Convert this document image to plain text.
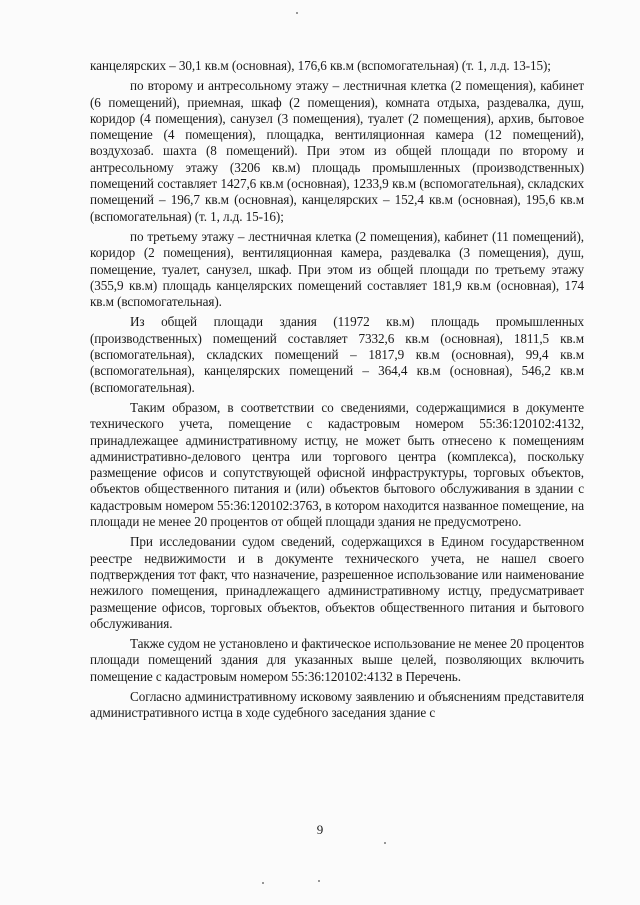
канцелярских – 30,1 кв.м (основная), 176,6 кв.м (вспомогательная) (т. 1, л.д. 13-15);

по второму и антресольному этажу – лестничная клетка (2 помещения), кабинет (6 помещений), приемная, шкаф (2 помещения), комната отдыха, раздевалка, душ, коридор (4 помещения), санузел (3 помещения), туалет (2 помещения), архив, бытовое помещение (4 помещения), площадка, вентиляционная камера (12 помещений), воздухозаб. шахта (8 помещений). При этом из общей площади по второму и антресольному этажу (3206 кв.м) площадь промышленных (производственных) помещений составляет 1427,6 кв.м (основная), 1233,9 кв.м (вспомогательная), складских помещений – 196,7 кв.м (основная), канцелярских – 152,4 кв.м (основная), 195,6 кв.м (вспомогательная) (т. 1, л.д. 15-16);

по третьему этажу – лестничная клетка (2 помещения), кабинет (11 помещений), коридор (2 помещения), вентиляционная камера, раздевалка (3 помещения), душ, помещение, туалет, санузел, шкаф. При этом из общей площади по третьему этажу (355,9 кв.м) площадь канцелярских помещений составляет 181,9 кв.м (основная), 174 кв.м (вспомогательная).

Из общей площади здания (11972 кв.м) площадь промышленных (производственных) помещений составляет 7332,6 кв.м (основная), 1811,5 кв.м (вспомогательная), складских помещений – 1817,9 кв.м (основная), 99,4 кв.м (вспомогательная), канцелярских помещений – 364,4 кв.м (основная), 546,2 кв.м (вспомогательная).

Таким образом, в соответствии со сведениями, содержащимися в документе технического учета, помещение с кадастровым номером 55:36:120102:4132, принадлежащее административному истцу, не может быть отнесено к помещениям административно-делового центра или торгового центра (комплекса), поскольку размещение офисов и сопутствующей офисной инфраструктуры, торговых объектов, объектов общественного питания и (или) объектов бытового обслуживания в здании с кадастровым номером 55:36:120102:3763, в котором находится названное помещение, на площади не менее 20 процентов от общей площади здания не предусмотрено.

При исследовании судом сведений, содержащихся в Едином государственном реестре недвижимости и в документе технического учета, не нашел своего подтверждения тот факт, что назначение, разрешенное использование или наименование нежилого помещения, принадлежащего административному истцу, предусматривает размещение офисов, торговых объектов, объектов общественного питания и бытового обслуживания.

Также судом не установлено и фактическое использование не менее 20 процентов площади помещений здания для указанных выше целей, позволяющих включить помещение с кадастровым номером 55:36:120102:4132 в Перечень.

Согласно административному исковому заявлению и объяснениям представителя административного истца в ходе судебного заседания здание с

9
